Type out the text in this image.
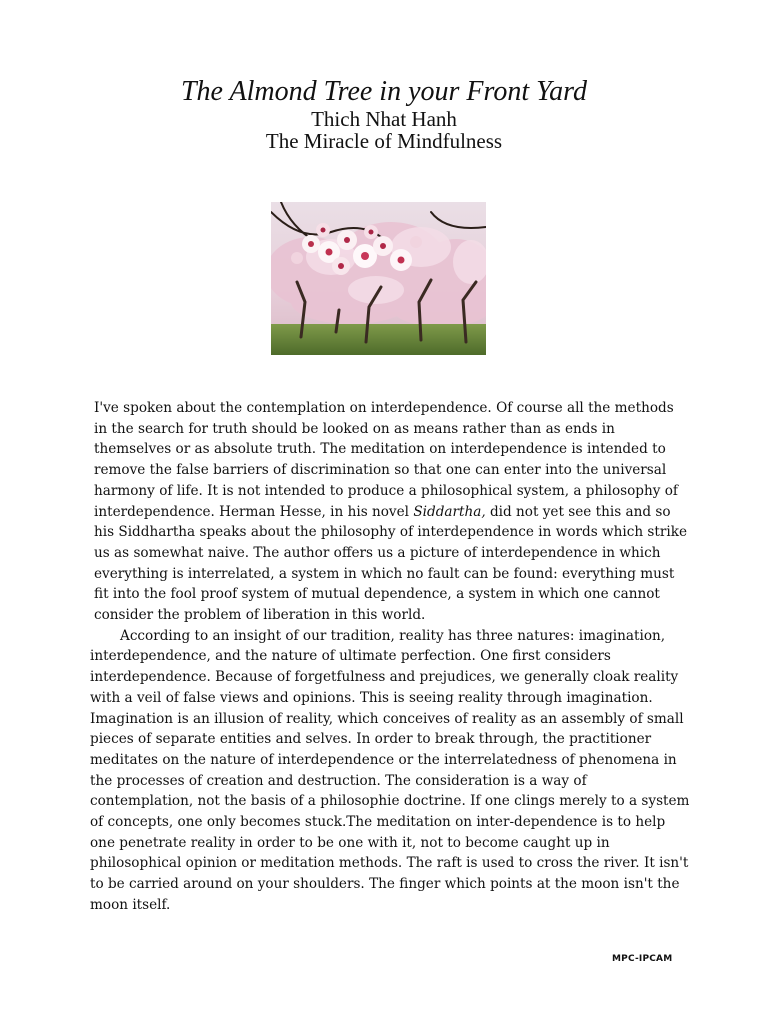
The Almond Tree in your Front Yard
Thich Nhat Hanh
The Miracle of Mindfulness

I've spoken about the contemplation on interdependence. Of course all the methods in the search for truth should be looked on as means rather than as ends in themselves or as absolute truth. The meditation on interdependence is intended to remove the false barriers of discrimination so that one can enter into the universal harmony of life. It is not intended to produce a philosophical system, a philosophy of interdependence. Herman Hesse, in his novel Siddartha, did not yet see this and so his Siddhartha speaks about the philosophy of interdependence in words which strike us as somewhat naive. The author offers us a picture of interdependence in which everything is interrelated, a system in which no fault can be found: everything must fit into the fool proof system of mutual dependence, a system in which one cannot consider the problem of liberation in this world.

According to an insight of our tradition, reality has three natures: imagination, interdependence, and the nature of ultimate perfection. One first considers interdependence. Because of forgetfulness and prejudices, we generally cloak reality with a veil of false views and opinions. This is seeing reality through imagination. Imagination is an illusion of reality, which conceives of reality as an assembly of small pieces of separate entities and selves. In order to break through, the practitioner meditates on the nature of interdependence or the interrelatedness of phenomena in the processes of creation and destruction. The consideration is a way of contemplation, not the basis of a philosophie doctrine. If one clings merely to a system of concepts, one only becomes stuck.The meditation on inter-dependence is to help one penetrate reality in order to be one with it, not to become caught up in philosophical opinion or meditation methods. The raft is used to cross the river. It isn't to be carried around on your shoulders. The finger which points at the moon isn't the moon itself.

MPC-IPCAM
